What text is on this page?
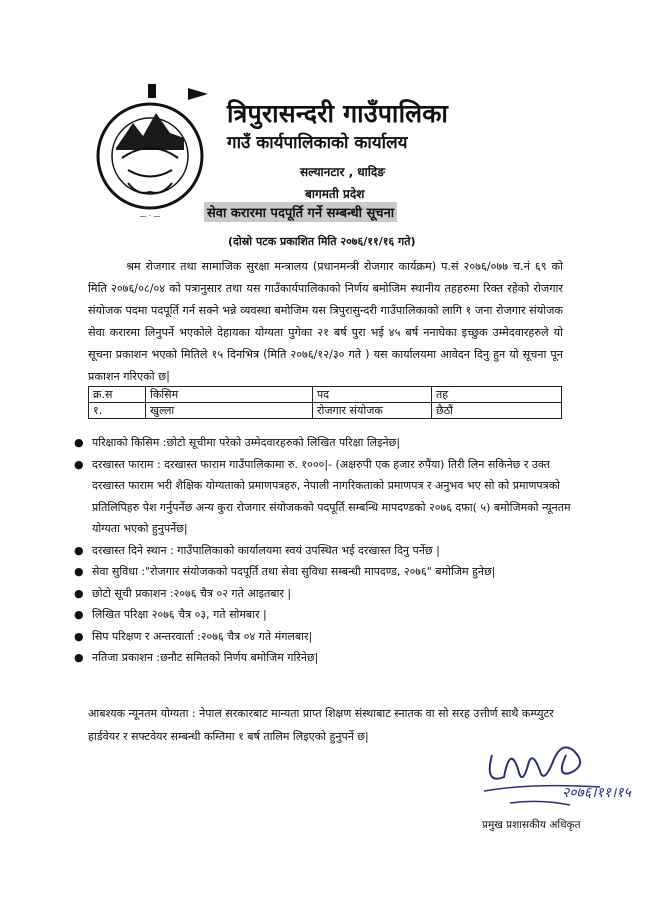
— · —
त्रिपुरासन्दरी गाउँपालिका
गाउँ कार्यपालिकाको कार्यालय
सल्यानटार , धादिङ
बागमती प्रदेश
सेवा करारमा पदपूर्ति गर्ने सम्बन्धी सूचना
(दोस्रो पटक प्रकाशित मिति २०७६/११/१६ गते)
श्रम रोजगार तथा सामाजिक सुरक्षा मन्त्रालय (प्रधानमन्त्री रोजगार कार्यक्रम) प.सं २०७६/०७७ च.नं ६९ को मिति २०७६/०८/०४ को पत्रानुसार तथा यस गाउँकार्यपालिकाको निर्णय बमोजिम स्थानीय तहहरुमा रिक्त रहेको रोजगार संयोजक पदमा पदपूर्ति गर्न सक्ने भन्ने व्यवस्था बमोजिम यस त्रिपुरासुन्दरी गाउँपालिकाको लागि १ जना रोजगार संयोजक सेवा करारमा लिनुपर्ने भएकोले देहायका योग्यता पुगेका २१ बर्ष पुरा भई ४५ बर्ष ननाघेका इच्छुक उम्मेदवारहरुले यो सूचना प्रकाशन भएको मितिले १५ दिनभित्र (मिति २०७६/१२/३० गते ) यस कार्यालयमा आवेदन दिनु हुन यो सूचना पून प्रकाशन गरिएको छ|
क्र.स	किसिम	पद	तह
१.	खुल्ला	रोजगार संयोजक	छैठौं
● परिक्षाको किसिम :छोटो सूचीमा परेको उम्मेदवारहरुको लिखित परिक्षा लिइनेछ|
● दरखास्त फाराम : दरखास्त फाराम गाउँपालिकामा रु. १०००|- (अक्षरुपी एक हजार रुपैंया) तिरी लिन सकिनेछ र उक्त दरखास्त फाराम भरी शैक्षिक योग्यताको प्रमाणपत्रहरु, नेपाली नागरिकताको प्रमाणपत्र र अनुभव भए सो को प्रमाणपत्रको प्रतिलिपिहरु पेश गर्नुपर्नेछ अन्य कुरा रोजगार संयोजकको पदपूर्ति सम्बन्धि मापदण्डको २०७६ दफा( ५) बमोजिमको न्यूनतम योग्यता भएको हुनुपर्नेछ|
● दरखास्त दिने स्थान : गाउँपालिकाको कार्यालयमा स्वयं उपस्थित भई दरखास्त दिनु पर्नेछ |
● सेवा सुविधा :"रोजगार संयोजकको पदपूर्ति तथा सेवा सुविधा सम्बन्धी मापदण्ड, २०७६" बमोजिम हुनेछ|
● छोटो सूची प्रकाशन :२०७६ चैत्र ०२ गते आइतबार |
● लिखित परिक्षा २०७६ चैत्र ०३, गते सोमबार |
● सिप परिक्षण र अन्तरवार्ता :२०७६ चैत्र ०४ गते मंगलबार|
● नतिजा प्रकाशन :छनौट समितको निर्णय बमोजिम गरिनेछ|
आबश्यक न्यूनतम योग्यता : नेपाल सरकारबाट मान्यता प्राप्त शिक्षण संस्थाबाट स्नातक वा सो सरह उत्तीर्ण साथै कम्प्युटर हार्डवेयर र सफ्टवेयर सम्बन्धी कम्तिमा १ बर्ष तालिम लिइएको हुनुपर्ने छ|
२०७६।११।१५
प्रमुख प्रशासकीय अधिकृत
